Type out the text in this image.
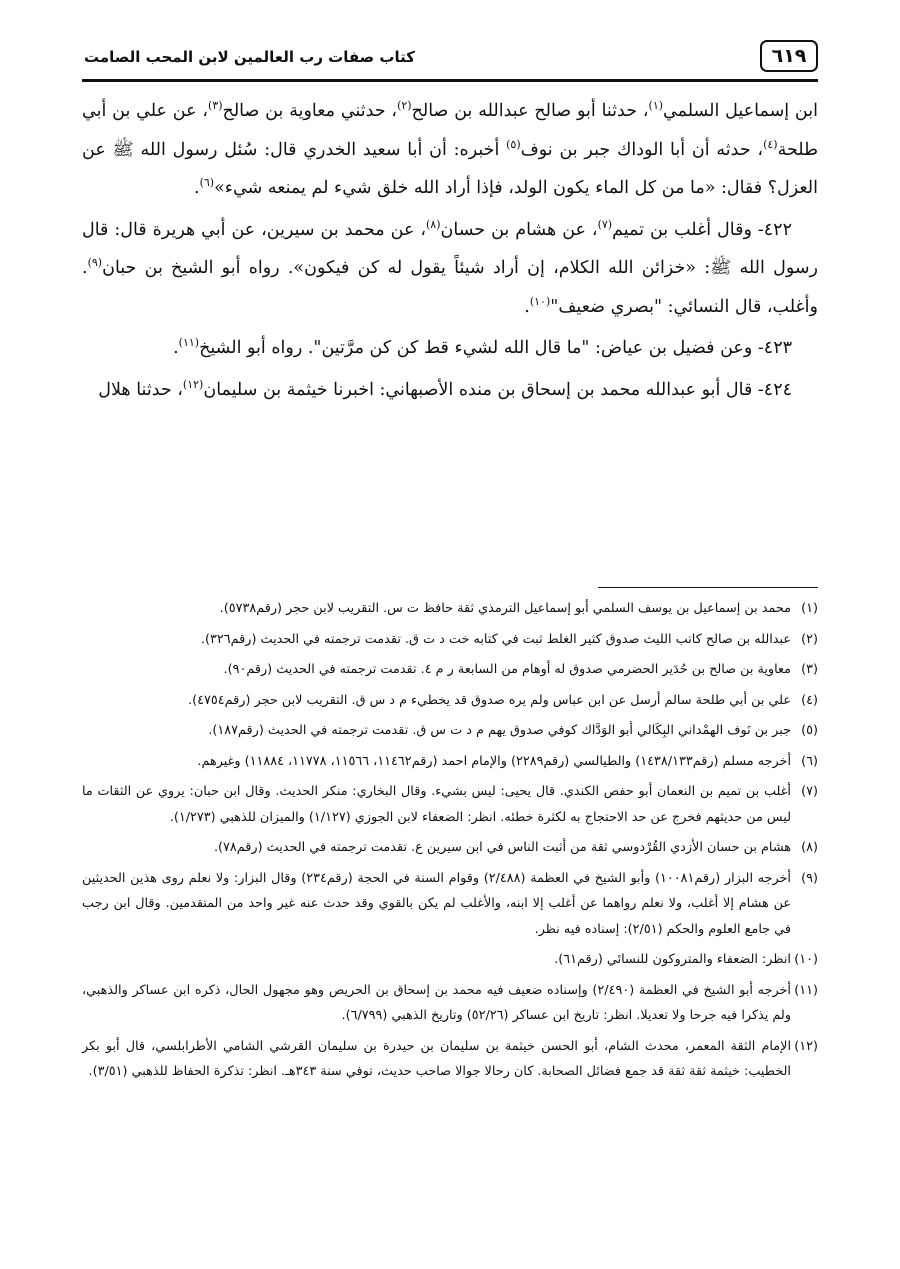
٦١٩
كتاب صفات رب العالمين لابن المحب الصامت

ابن إسماعيل السلمي$^{(١)}$، حدثنا أبو صالح عبدالله بن صالح$^{(٢)}$، حدثني معاوية بن صالح$^{(٣)}$، عن علي بن أبي طلحة$^{(٤)}$، حدثه أن أبا الوداك جبر بن نوف$^{(٥)}$ أخبره: أن أبا سعيد الخدري قال: سُئل رسول الله ﷺ عن العزل؟ فقال: «ما من كل الماء يكون الولد، فإذا أراد الله خلق شيء لم يمنعه شيء»$^{(٦)}$.

٤٢٢- وقال أغلب بن تميم$^{(٧)}$، عن هشام بن حسان$^{(٨)}$، عن محمد بن سيرين، عن أبي هريرة قال: قال رسول الله ﷺ: «خزائن الله الكلام، إن أراد شيئاً يقول له كن فيكون». رواه أبو الشيخ بن حبان$^{(٩)}$. وأغلب، قال النسائي: "بصري ضعيف"$^{(١٠)}$.

٤٢٣- وعن فضيل بن عياض: "ما قال الله لشيء قط كن كن مرَّتين". رواه أبو الشيخ$^{(١١)}$.

٤٢٤- قال أبو عبدالله محمد بن إسحاق بن منده الأصبهاني: اخبرنا خيثمة بن سليمان$^{(١٢)}$، حدثنا هلال

(١)
محمد بن إسماعيل بن يوسف السلمي أبو إسماعيل الترمذي ثقة حافظ ت س. التقريب لابن حجر (رقم٥٧٣٨).

(٢)
عبدالله بن صالح كاتب الليث صدوق كثير الغلط ثبت في كتابه خت د ت ق. تقدمت ترجمته في الحديث (رقم٣٢٦).

(٣)
معاوية بن صالح بن حُدَير الحضرمي صدوق له أوهام من السابعة ر م ٤. تقدمت ترجمته في الحديث (رقم٩٠).

(٤)
علي بن أبي طلحة سالم أرسل عن ابن عباس ولم يره صدوق قد يخطيء م د س ق. التقريب لابن حجر (رقم٤٧٥٤).

(٥)
جبر بن نَوف الهمْداني البِكَالي أبو الوَدَّاك كوفي صدوق يهم م د ت س ق. تقدمت ترجمته في الحديث (رقم١٨٧).

(٦)
أخرجه مسلم (رقم١٤٣٨/١٣٣) والطيالسي (رقم٢٢٨٩) والإمام احمد (رقم١١٤٦٢، ١١٥٦٦، ١١٧٧٨، ١١٨٨٤) وغيرهم.

(٧)
أغلب بن تميم بن النعمان أبو حفص الكندي. قال يحيى: ليس بشيء. وقال البخاري: منكر الحديث. وقال ابن حبان: يروي عن الثقات ما ليس من حديثهم فخرج عن حد الاحتجاج به لكثرة خطئه. انظر: الضعفاء لابن الجوزي (١/١٢٧) والميزان للذهبي (١/٢٧٣).

(٨)
هشام بن حسان الأزدي القُرْدوسي ثقة من أثبت الناس في ابن سيرين ع. تقدمت ترجمته في الحديث (رقم٧٨).

(٩)
أخرجه البزار (رقم١٠٠٨١) وأبو الشيخ في العظمة (٢/٤٨٨) وقوام السنة في الحجة (رقم٢٣٤) وقال البزار: ولا نعلم روى هذين الحديثين عن هشام إلا أغلب، ولا نعلم رواهما عن أغلب إلا ابنه، والأغلب لم يكن بالقوي وقد حدث عنه غير واحد من المتقدمين. وقال ابن رجب في جامع العلوم والحكم (٢/٥١): إسناده فيه نظر.

(١٠)
انظر: الضعفاء والمتروكون للنسائي (رقم٦١).

(١١)
أخرجه أبو الشيخ في العظمة (٢/٤٩٠) وإسناده ضعيف فيه محمد بن إسحاق بن الحريص وهو مجهول الحال، ذكره ابن عساكر والذهبي، ولم يذكرا فيه جرحا ولا تعديلا. انظر: تاريخ ابن عساكر (٥٢/٢٦) وتاريخ الذهبي (٦/٧٩٩).

(١٢)
الإمام الثقة المعمر، محدث الشام، أبو الحسن خيثمة بن سليمان بن حيدرة بن سليمان القرشي الشامي الأطرابلسي، قال أبو بكر الخطيب: خيثمة ثقة ثقة قد جمع فضائل الصحابة. كان رحالا جوالا صاحب حديث، توفي سنة ٣٤٣هـ. انظر: تذكرة الحفاظ للذهبي (٣/٥١).
